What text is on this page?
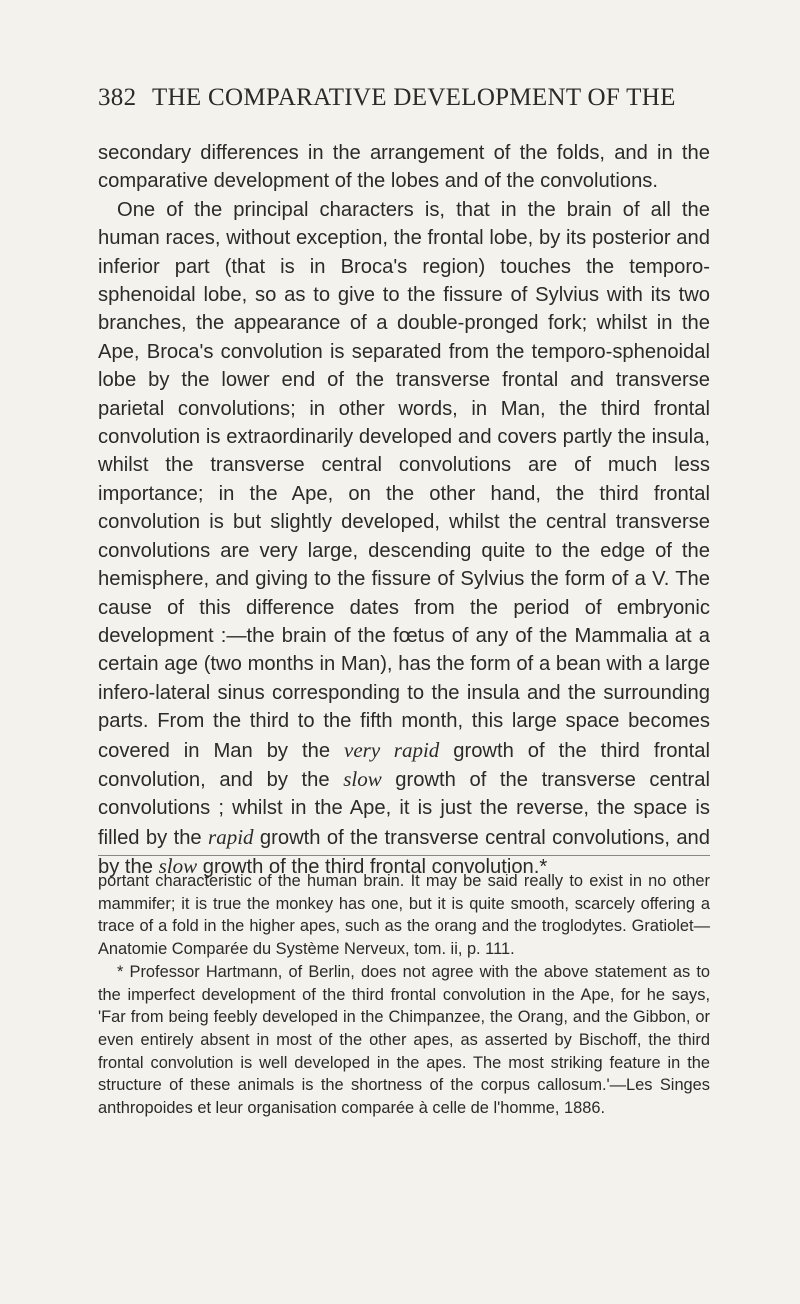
382 THE COMPARATIVE DEVELOPMENT OF THE

secondary differences in the arrangement of the folds, and in the comparative development of the lobes and of the convolutions.

One of the principal characters is, that in the brain of all the human races, without exception, the frontal lobe, by its posterior and inferior part (that is in Broca's region) touches the temporo-sphenoidal lobe, so as to give to the fissure of Sylvius with its two branches, the appearance of a double-pronged fork; whilst in the Ape, Broca's convolution is separated from the temporo-sphenoidal lobe by the lower end of the transverse frontal and transverse parietal convolutions; in other words, in Man, the third frontal convolution is extraordinarily developed and covers partly the insula, whilst the transverse central convolutions are of much less importance; in the Ape, on the other hand, the third frontal convolution is but slightly developed, whilst the central transverse convolutions are very large, descending quite to the edge of the hemisphere, and giving to the fissure of Sylvius the form of a V. The cause of this difference dates from the period of embryonic development :—the brain of the fœtus of any of the Mammalia at a certain age (two months in Man), has the form of a bean with a large infero-lateral sinus corresponding to the insula and the surrounding parts. From the third to the fifth month, this large space becomes covered in Man by the very rapid growth of the third frontal convolution, and by the slow growth of the transverse central convolutions ; whilst in the Ape, it is just the reverse, the space is filled by the rapid growth of the transverse central convolutions, and by the slow growth of the third frontal convolution.*

portant characteristic of the human brain. It may be said really to exist in no other mammifer; it is true the monkey has one, but it is quite smooth, scarcely offering a trace of a fold in the higher apes, such as the orang and the troglodytes. Gratiolet—Anatomie Comparée du Système Nerveux, tom. ii, p. 111.

* Professor Hartmann, of Berlin, does not agree with the above statement as to the imperfect development of the third frontal convolution in the Ape, for he says, 'Far from being feebly developed in the Chimpanzee, the Orang, and the Gibbon, or even entirely absent in most of the other apes, as asserted by Bischoff, the third frontal convolution is well developed in the apes. The most striking feature in the structure of these animals is the shortness of the corpus callosum.'—Les Singes anthropoides et leur organisation comparée à celle de l'homme, 1886.
